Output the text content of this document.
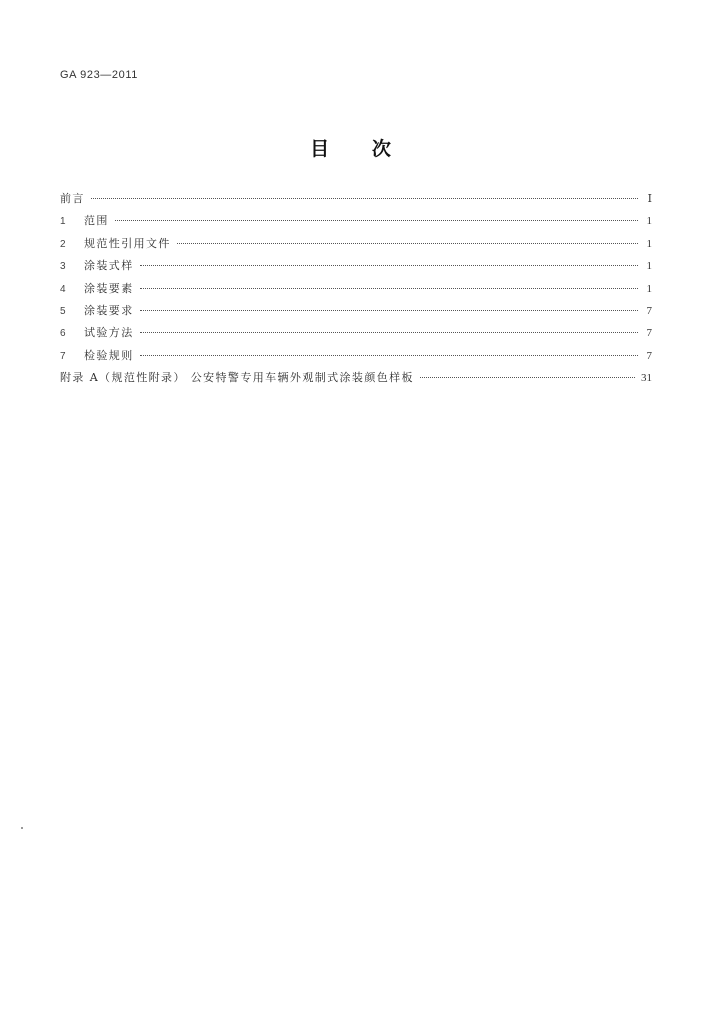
GA 923—2011
目 次
前言	Ⅰ
1	范围	1
2	规范性引用文件	1
3	涂装式样	1
4	涂装要素	1
5	涂装要求	7
6	试验方法	7
7	检验规则	7
附录 A（规范性附录） 公安特警专用车辆外观制式涂装颜色样板	31
